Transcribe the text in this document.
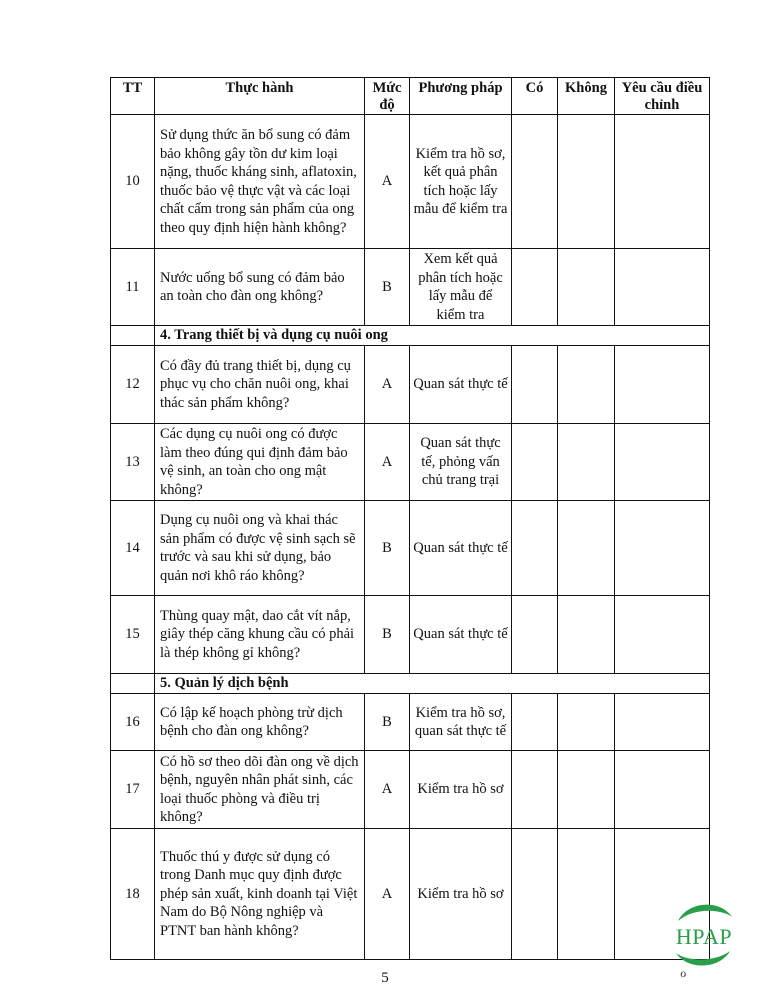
TT	Thực hành	Mức độ	Phương pháp	Có	Không	Yêu cầu điều chỉnh

10	Sử dụng thức ăn bổ sung có đảm bảo không gây tồn dư kim loại nặng, thuốc kháng sinh, aflatoxin, thuốc bảo vệ thực vật và các loại chất cấm trong sản phẩm của ong theo quy định hiện hành không?	A	Kiểm tra hồ sơ, kết quả phân tích hoặc lấy mẫu để kiểm tra			
11	Nước uống bổ sung có đảm bảo an toàn cho đàn ong không?	B	Xem kết quả phân tích hoặc lấy mẫu để kiểm tra			
	4. Trang thiết bị và dụng cụ nuôi ong					
12	Có đầy đủ trang thiết bị, dụng cụ phục vụ cho chăn nuôi ong, khai thác sản phẩm không?	A	Quan sát thực tế			
13	Các dụng cụ nuôi ong có được làm theo đúng qui định đảm bảo vệ sinh, an toàn cho ong mật không?	A	Quan sát thực tế, phỏng vấn chủ trang trại			
14	Dụng cụ nuôi ong và khai thác sản phẩm có được vệ sinh sạch sẽ trước và sau khi sử dụng, bảo quản nơi khô ráo không?	B	Quan sát thực tế			
15	Thùng quay mật, dao cắt vít nắp, giây thép căng khung cầu có phải là thép không gỉ không?	B	Quan sát thực tế			
	5. Quản lý dịch bệnh					
16	Có lập kế hoạch phòng trừ dịch bệnh cho đàn ong không?	B	Kiểm tra hồ sơ, quan sát thực tế			
17	Có hồ sơ theo dõi đàn ong về dịch bệnh, nguyên nhân phát sinh, các loại thuốc phòng và điều trị không?	A	Kiểm tra hồ sơ			
18	Thuốc thú y được sử dụng có trong Danh mục quy định được phép sản xuất, kinh doanh tại Việt Nam do Bộ Nông nghiệp và PTNT ban hành không?	A	Kiểm tra hồ sơ			
5
HPAP
ℴ
